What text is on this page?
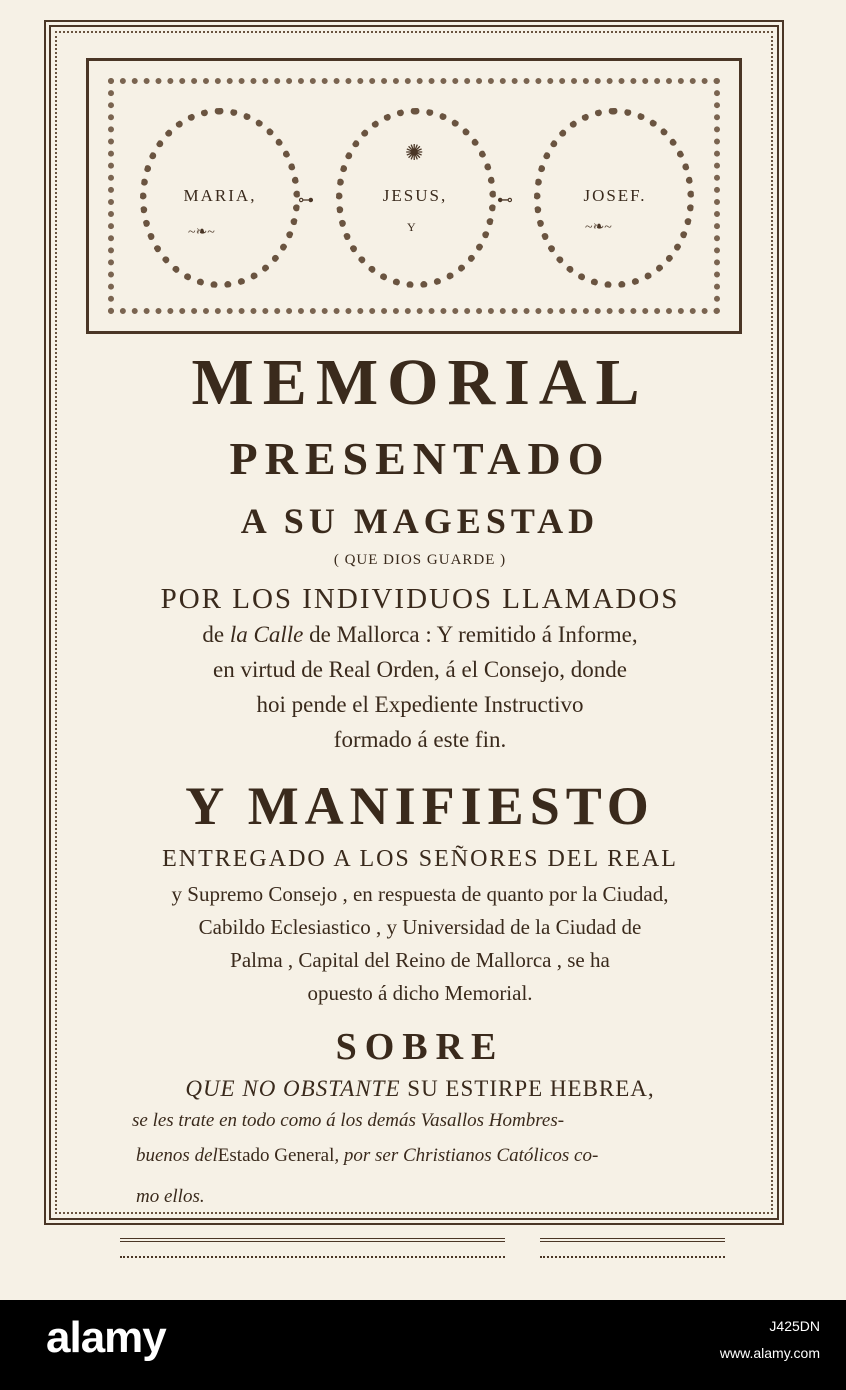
✺
⊶	⊷
~❧~	~❧~
MARIA,	JESUS,	JOSEF.
Y
MEMORIAL
PRESENTADO
A SU MAGESTAD
( QUE DIOS GUARDE )
POR LOS INDIVIDUOS LLAMADOS
de la Calle de Mallorca : Y remitido á Informe,
en virtud de Real Orden, á el Consejo, donde
hoi pende el Expediente Instructivo
formado á este fin.
Y MANIFIESTO
ENTREGADO A LOS SEÑORES DEL REAL
y Supremo Consejo , en respuesta de quanto por la Ciudad,
Cabildo Eclesiastico , y Universidad de la Ciudad de
Palma , Capital del Reino de Mallorca , se ha
opuesto á dicho Memorial.
SOBRE
QUE NO OBSTANTE SU ESTIRPE HEBREA,
se les trate en todo como á los demás Vasallos Hombres-
buenos delEstado General, por ser Christianos Católicos co-
mo ellos.
alamy	J425DN
www.alamy.com
